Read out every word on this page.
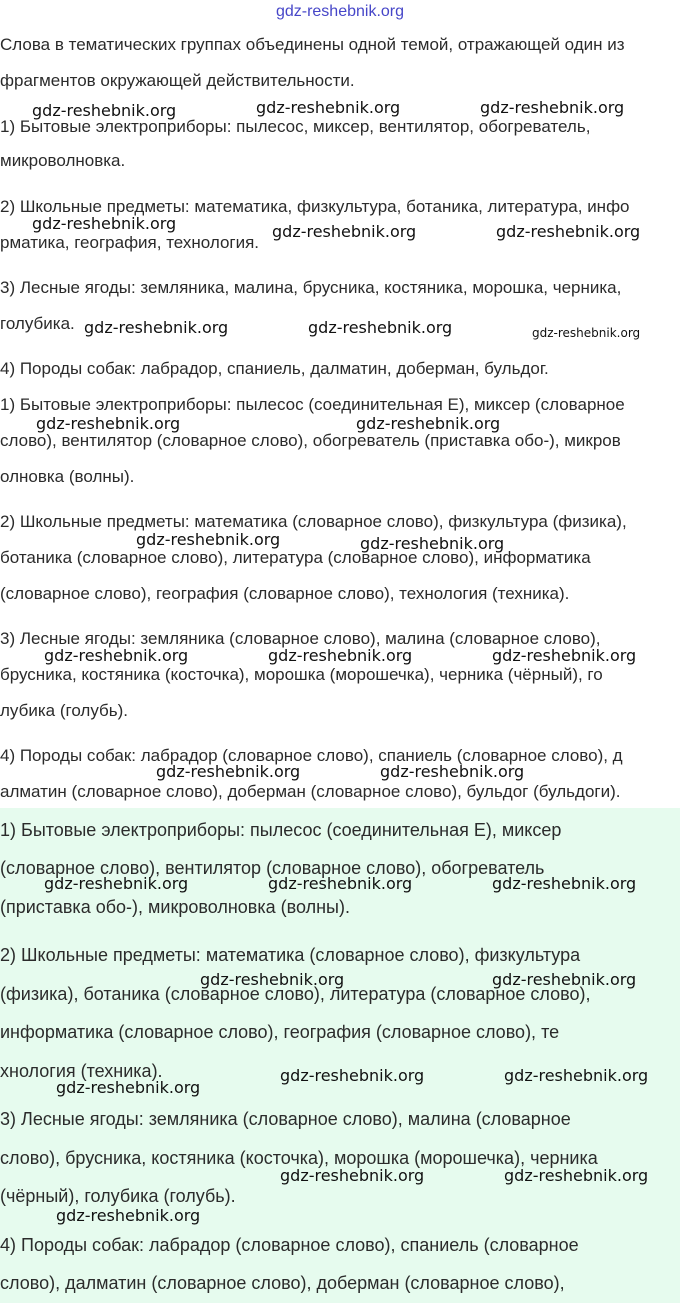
gdz-reshebnik.org
Слова в тематических группах объединены одной темой, отражающей один из
фрагментов окружающей действительности.
1) Бытовые электроприборы: пылесос, миксер, вентилятор, обогреватель,
микроволновка.
2) Школьные предметы: математика, физкультура, ботаника, литература, инфо
рматика, география, технология.
3) Лесные ягоды: земляника, малина, брусника, костяника, морошка, черника,
голубика.
4) Породы собак: лабрадор, спаниель, далматин, доберман, бульдог.
1) Бытовые электроприборы: пылесос (соединительная Е), миксер (словарное
слово), вентилятор (словарное слово), обогреватель (приставка обо-), микров
олновка (волны).
2) Школьные предметы: математика (словарное слово), физкультура (физика),
ботаника (словарное слово), литература (словарное слово), информатика
(словарное слово), география (словарное слово), технология (техника).
3) Лесные ягоды: земляника (словарное слово), малина (словарное слово),
брусника, костяника (косточка), морошка (морошечка), черника (чёрный), го
лубика (голубь).
4) Породы собак: лабрадор (словарное слово), спаниель (словарное слово), д
алматин (словарное слово), доберман (словарное слово), бульдог (бульдоги).
1) Бытовые электроприборы: пылесос (соединительная Е), миксер
(словарное слово), вентилятор (словарное слово), обогреватель
(приставка обо-), микроволновка (волны).
2) Школьные предметы: математика (словарное слово), физкультура
(физика), ботаника (словарное слово), литература (словарное слово),
информатика (словарное слово), география (словарное слово), те
хнология (техника).
3) Лесные ягоды: земляника (словарное слово), малина (словарное
слово), брусника, костяника (косточка), морошка (морошечка), черника
(чёрный), голубика (голубь).
4) Породы собак: лабрадор (словарное слово), спаниель (словарное
слово), далматин (словарное слово), доберман (словарное слово),
gdz-reshebnik.org	gdz-reshebnik.org	gdz-reshebnik.org
gdz-reshebnik.org	gdz-reshebnik.org	gdz-reshebnik.org
gdz-reshebnik.org	gdz-reshebnik.org	gdz-reshebnik.org
gdz-reshebnik.org	gdz-reshebnik.org
gdz-reshebnik.org	gdz-reshebnik.org
gdz-reshebnik.org	gdz-reshebnik.org	gdz-reshebnik.org
gdz-reshebnik.org	gdz-reshebnik.org
gdz-reshebnik.org	gdz-reshebnik.org	gdz-reshebnik.org
gdz-reshebnik.org	gdz-reshebnik.org
gdz-reshebnik.org
gdz-reshebnik.org	gdz-reshebnik.org
gdz-reshebnik.org	gdz-reshebnik.org
gdz-reshebnik.org
